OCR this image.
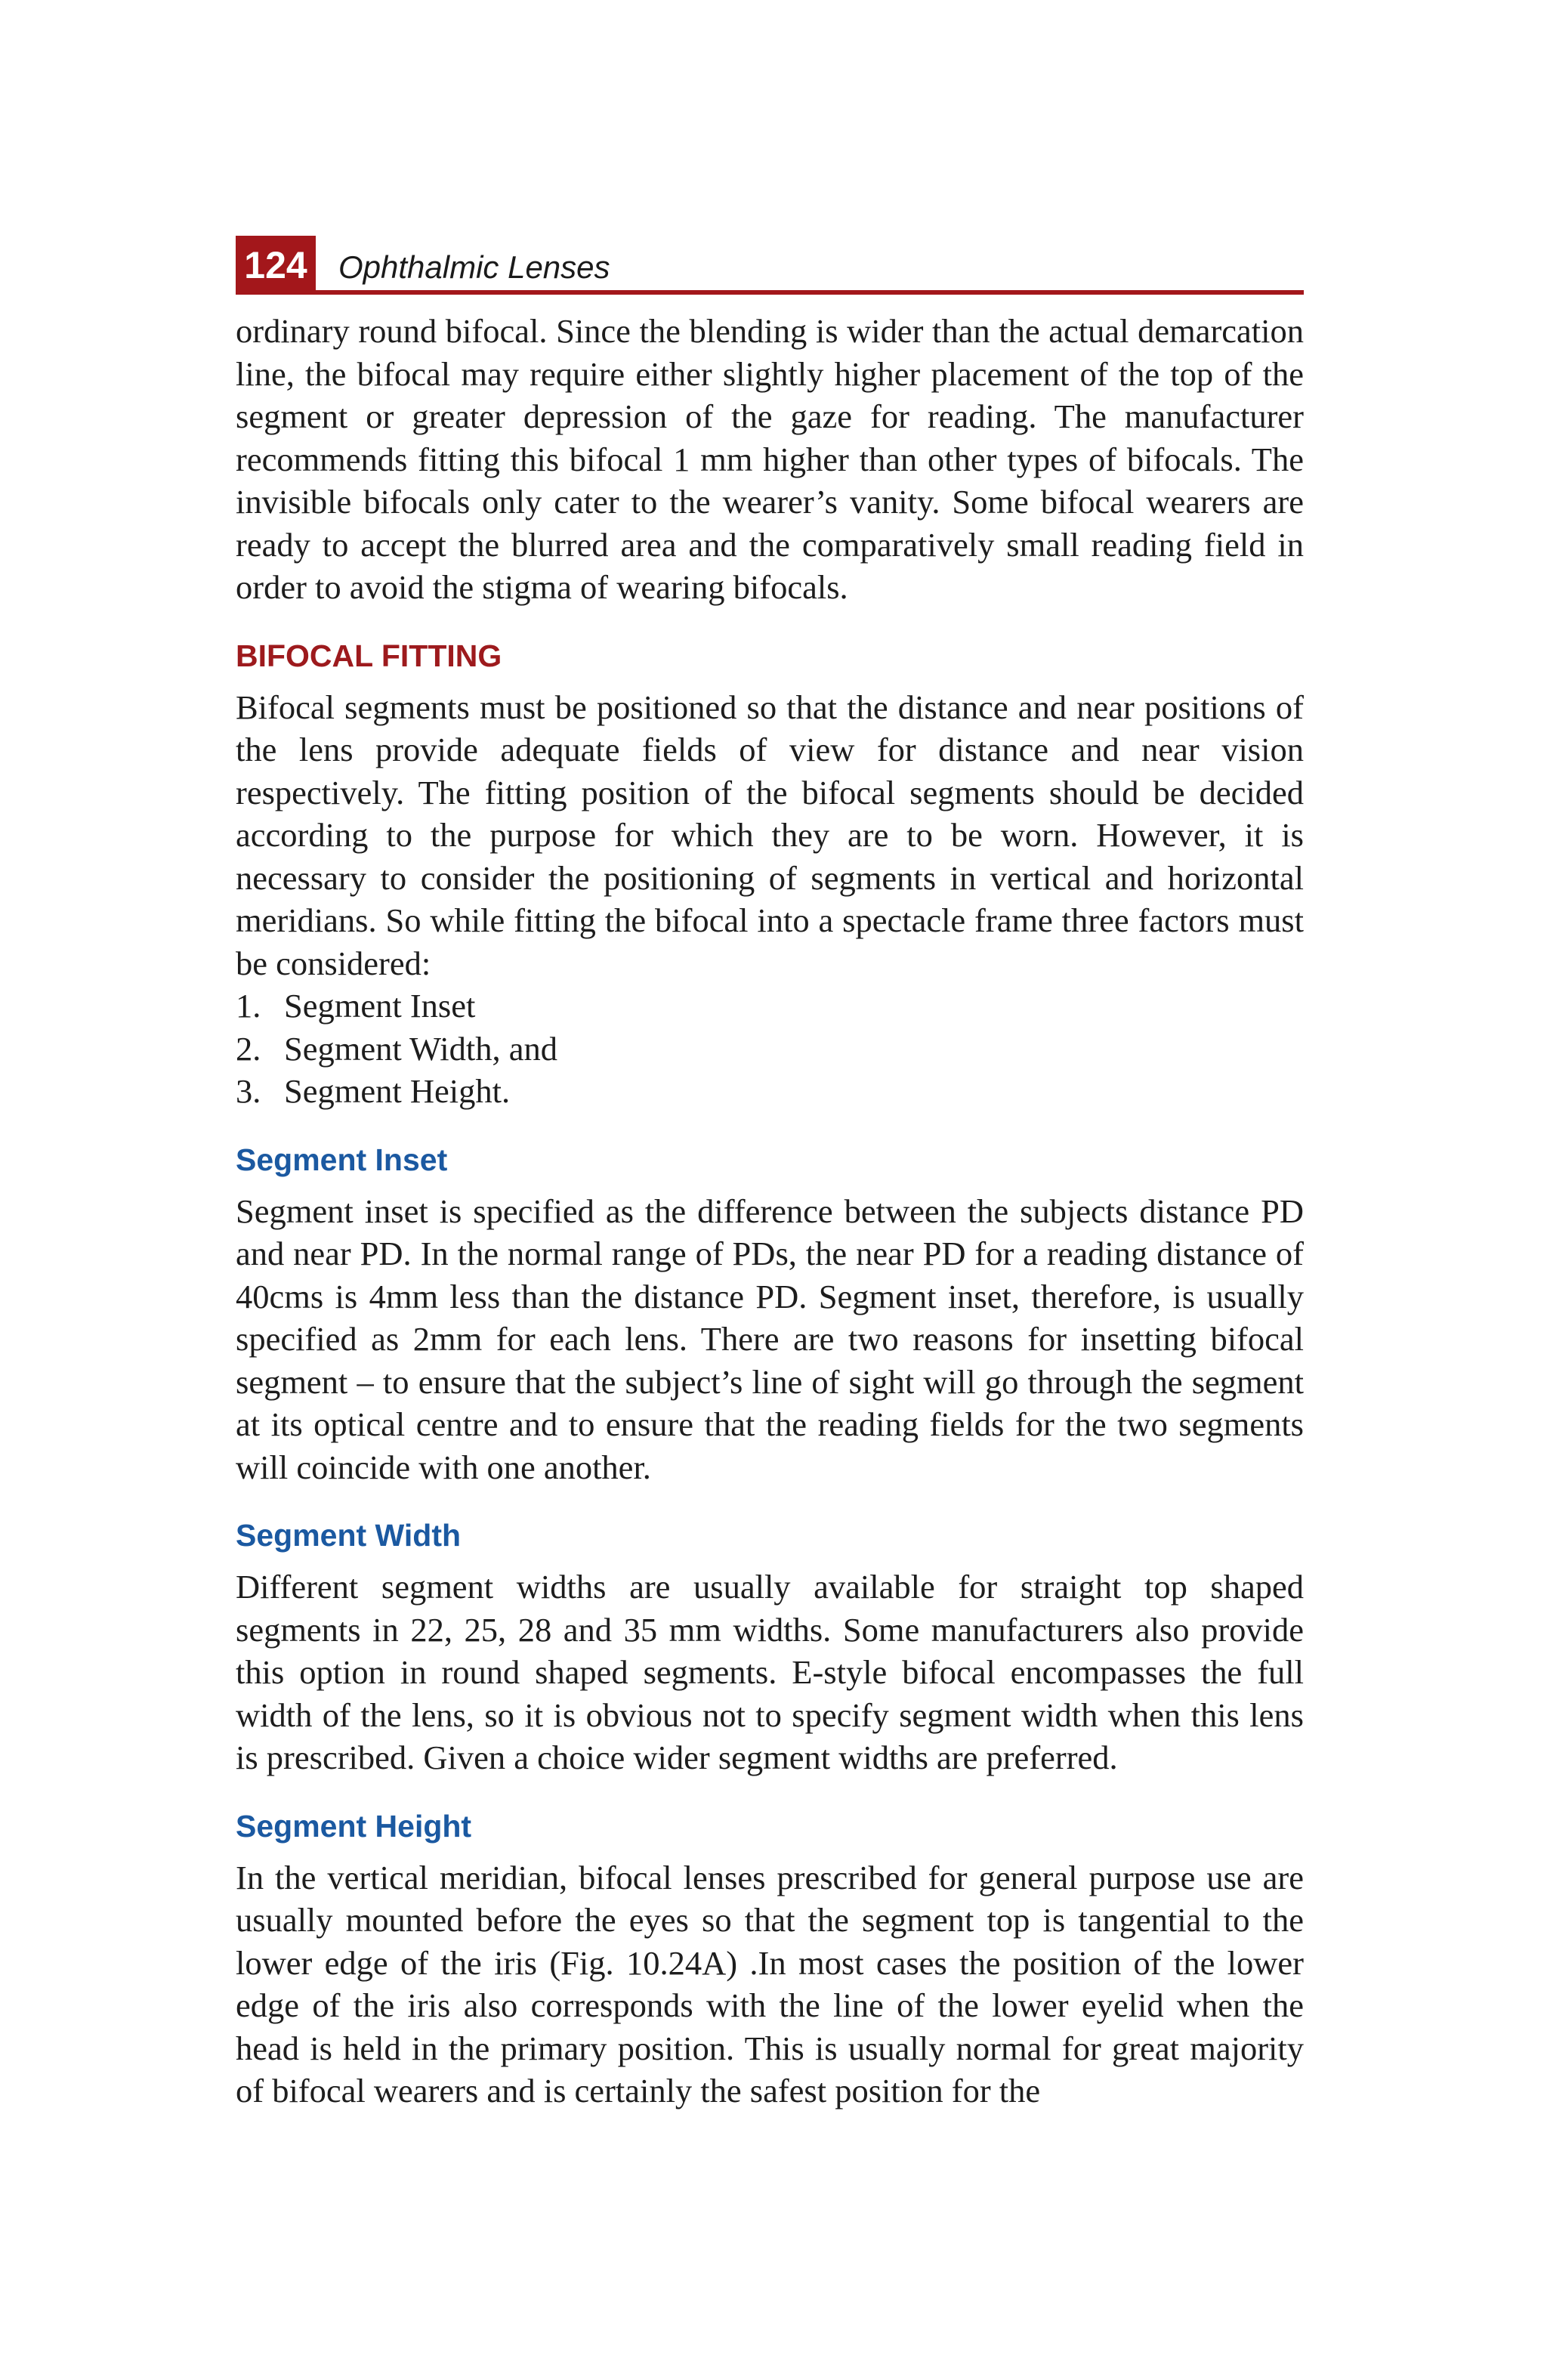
124 Ophthalmic Lenses

ordinary round bifocal. Since the blending is wider than the actual demarcation line, the bifocal may require either slightly higher placement of the top of the segment or greater depression of the gaze for reading. The manufacturer recommends fitting this bifocal 1 mm higher than other types of bifocals. The invisible bifocals only cater to the wearer’s vanity. Some bifocal wearers are ready to accept the blurred area and the comparatively small reading field in order to avoid the stigma of wearing bifocals.

BIFOCAL FITTING

Bifocal segments must be positioned so that the distance and near positions of the lens provide adequate fields of view for distance and near vision respectively. The fitting position of the bifocal segments should be decided according to the purpose for which they are to be worn. However, it is necessary to consider the positioning of segments in vertical and horizontal meridians. So while fitting the bifocal into a spectacle frame three factors must be considered:

1. Segment Inset
2. Segment Width, and
3. Segment Height.
Segment Inset

Segment inset is specified as the difference between the subjects distance PD and near PD. In the normal range of PDs, the near PD for a reading distance of 40cms is 4mm less than the distance PD. Segment inset, therefore, is usually specified as 2mm for each lens. There are two reasons for insetting bifocal segment – to ensure that the subject’s line of sight will go through the segment at its optical centre and to ensure that the reading fields for the two segments will coincide with one another.

Segment Width

Different segment widths are usually available for straight top shaped segments in 22, 25, 28 and 35 mm widths. Some manufacturers also provide this option in round shaped segments. E-style bifocal encompasses the full width of the lens, so it is obvious not to specify segment width when this lens is prescribed. Given a choice wider segment widths are preferred.

Segment Height

In the vertical meridian, bifocal lenses prescribed for general purpose use are usually mounted before the eyes so that the segment top is tangential to the lower edge of the iris (Fig. 10.24A) .In most cases the position of the lower edge of the iris also corresponds with the line of the lower eyelid when the head is held in the primary position. This is usually normal for great majority of bifocal wearers and is certainly the safest position for the
